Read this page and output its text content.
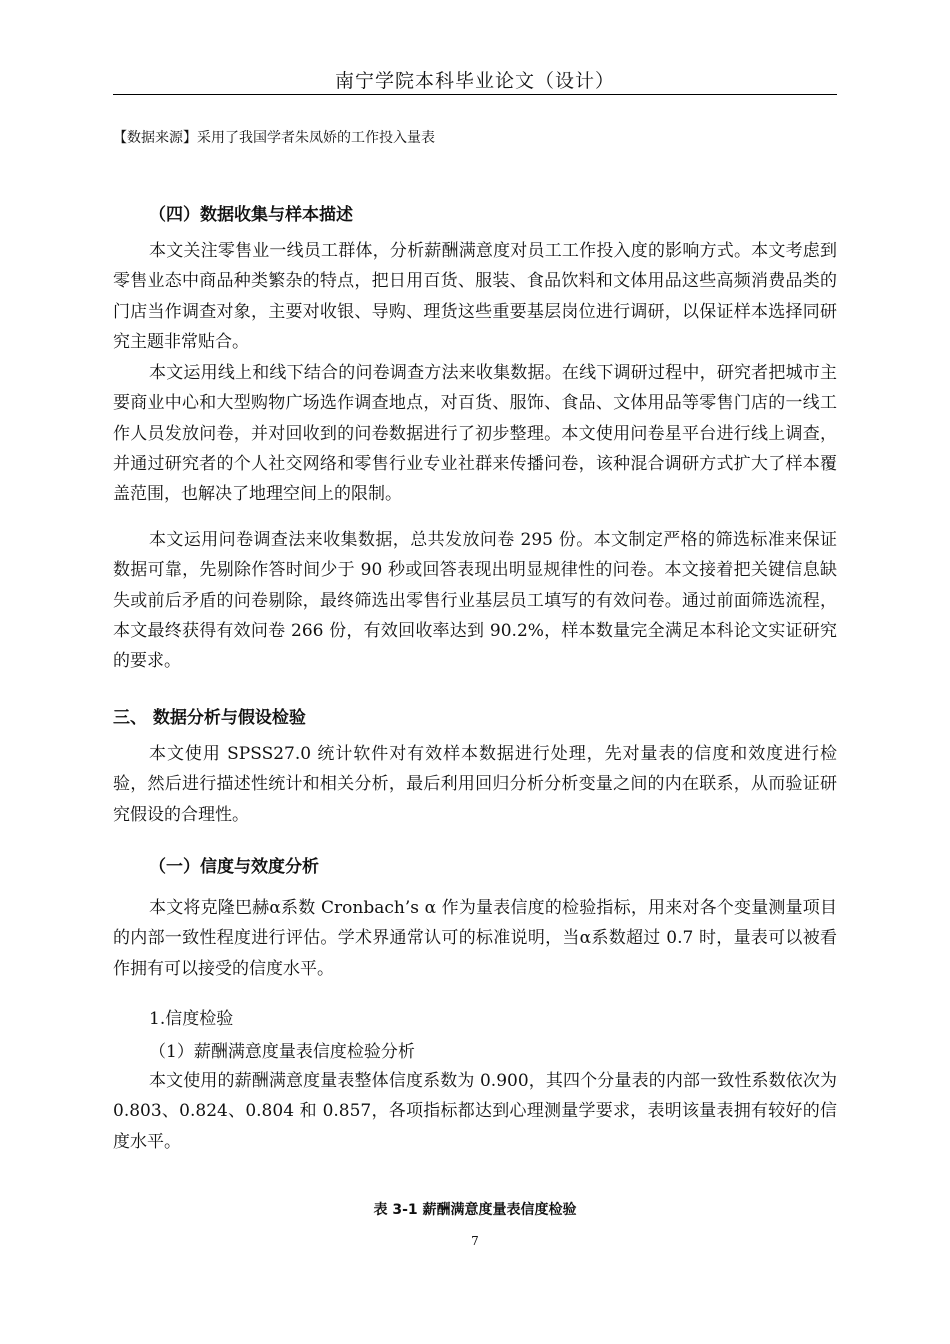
南宁学院本科毕业论文（设计）
【数据来源】采用了我国学者朱凤娇的工作投入量表
（四）数据收集与样本描述

本文关注零售业一线员工群体，分析薪酬满意度对员工工作投入度的影响方式。本文考虑到零售业态中商品种类繁杂的特点，把日用百货、服装、食品饮料和文体用品这些高频消费品类的门店当作调查对象，主要对收银、导购、理货这些重要基层岗位进行调研，以保证样本选择同研究主题非常贴合。

本文运用线上和线下结合的问卷调查方法来收集数据。在线下调研过程中，研究者把城市主要商业中心和大型购物广场选作调查地点，对百货、服饰、食品、文体用品等零售门店的一线工作人员发放问卷，并对回收到的问卷数据进行了初步整理。本文使用问卷星平台进行线上调查，并通过研究者的个人社交网络和零售行业专业社群来传播问卷，该种混合调研方式扩大了样本覆盖范围，也解决了地理空间上的限制。

本文运用问卷调查法来收集数据，总共发放问卷 295 份。本文制定严格的筛选标准来保证数据可靠，先剔除作答时间少于 90 秒或回答表现出明显规律性的问卷。本文接着把关键信息缺失或前后矛盾的问卷剔除，最终筛选出零售行业基层员工填写的有效问卷。通过前面筛选流程，本文最终获得有效问卷 266 份，有效回收率达到 90.2%，样本数量完全满足本科论文实证研究的要求。

三、 数据分析与假设检验

本文使用 SPSS27.0 统计软件对有效样本数据进行处理，先对量表的信度和效度进行检验，然后进行描述性统计和相关分析，最后利用回归分析分析变量之间的内在联系，从而验证研究假设的合理性。

（一）信度与效度分析

本文将克隆巴赫α系数 Cronbach’s α 作为量表信度的检验指标，用来对各个变量测量项目的内部一致性程度进行评估。学术界通常认可的标准说明，当α系数超过 0.7 时，量表可以被看作拥有可以接受的信度水平。

1.信度检验
（1）薪酬满意度量表信度检验分析

本文使用的薪酬满意度量表整体信度系数为 0.900，其四个分量表的内部一致性系数依次为 0.803、0.824、0.804 和 0.857，各项指标都达到心理测量学要求，表明该量表拥有较好的信度水平。

表 3-1 薪酬满意度量表信度检验
7
